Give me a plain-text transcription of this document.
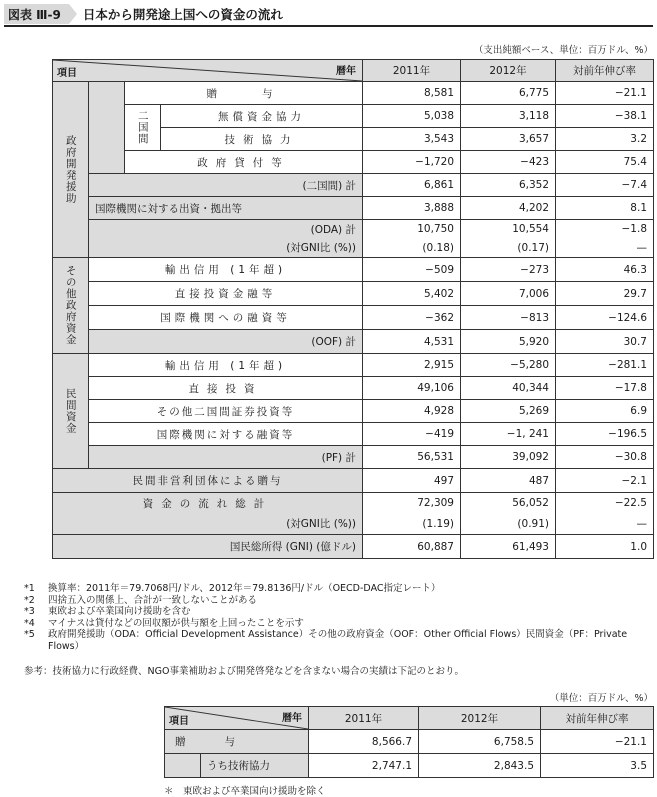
図表 Ⅲ-9	日本から開発途上国への資金の流れ
（支出純額ベース、単位：百万ドル、%）
項目 暦年				2011年	2012年	対前年伸び率
政府開発援助		贈　　与		8,581	6,775	−21.1
		二国間	無償資金協力	5,038	3,118	−38.1
			技術協力	3,543	3,657	3.2
		政府貸付等		−1,720	−423	75.4
	(二国間) 計			6,861	6,352	−7.4
	国際機関に対する出資・拠出等			3,888	4,202	8.1
	(ODA) 計			10,750	10,554	−1.8
	(対GNI比 (%))			(0.18)	(0.17)	—
その他政府資金	輸出信用 (1年超)			−509	−273	46.3
	直接投資金融等			5,402	7,006	29.7
	国際機関への融資等			−362	−813	−124.6
	(OOF) 計			4,531	5,920	30.7
民間資金	輸出信用 (1年超)			2,915	−5,280	−281.1
	直接投資			49,106	40,344	−17.8
	その他二国間証券投資等			4,928	5,269	6.9
	国際機関に対する融資等			−419	−1, 241	−196.5
	(PF) 計			56,531	39,092	−30.8
民間非営利団体による贈与				497	487	−2.1
資金の流れ総計				72,309	56,052	−22.5
(対GNI比 (%))				(1.19)	(0.91)	—
国民総所得 (GNI) (億ドル)				60,887	61,493	1.0
*1	換算率：2011年＝79.7068円/ドル、2012年＝79.8136円/ドル（OECD-DAC指定レート）
*2	四捨五入の関係上、合計が一致しないことがある
*3	東欧および卒業国向け援助を含む
*4	マイナスは貸付などの回収額が供与額を上回ったことを示す
*5	政府開発援助（ODA：Official Development Assistance）その他の政府資金（OOF：Other Official Flows）民間資金（PF：Private Flows）
参考：技術協力に行政経費、NGO事業補助および開発啓発などを含まない場合の実績は下記のとおり。
（単位：百万ドル、%）
項目 暦年		2011年	2012年	対前年伸び率
贈　　与		8,566.7	6,758.5	−21.1
	うち技術協力	2,747.1	2,843.5	3.5
＊　東欧および卒業国向け援助を除く
